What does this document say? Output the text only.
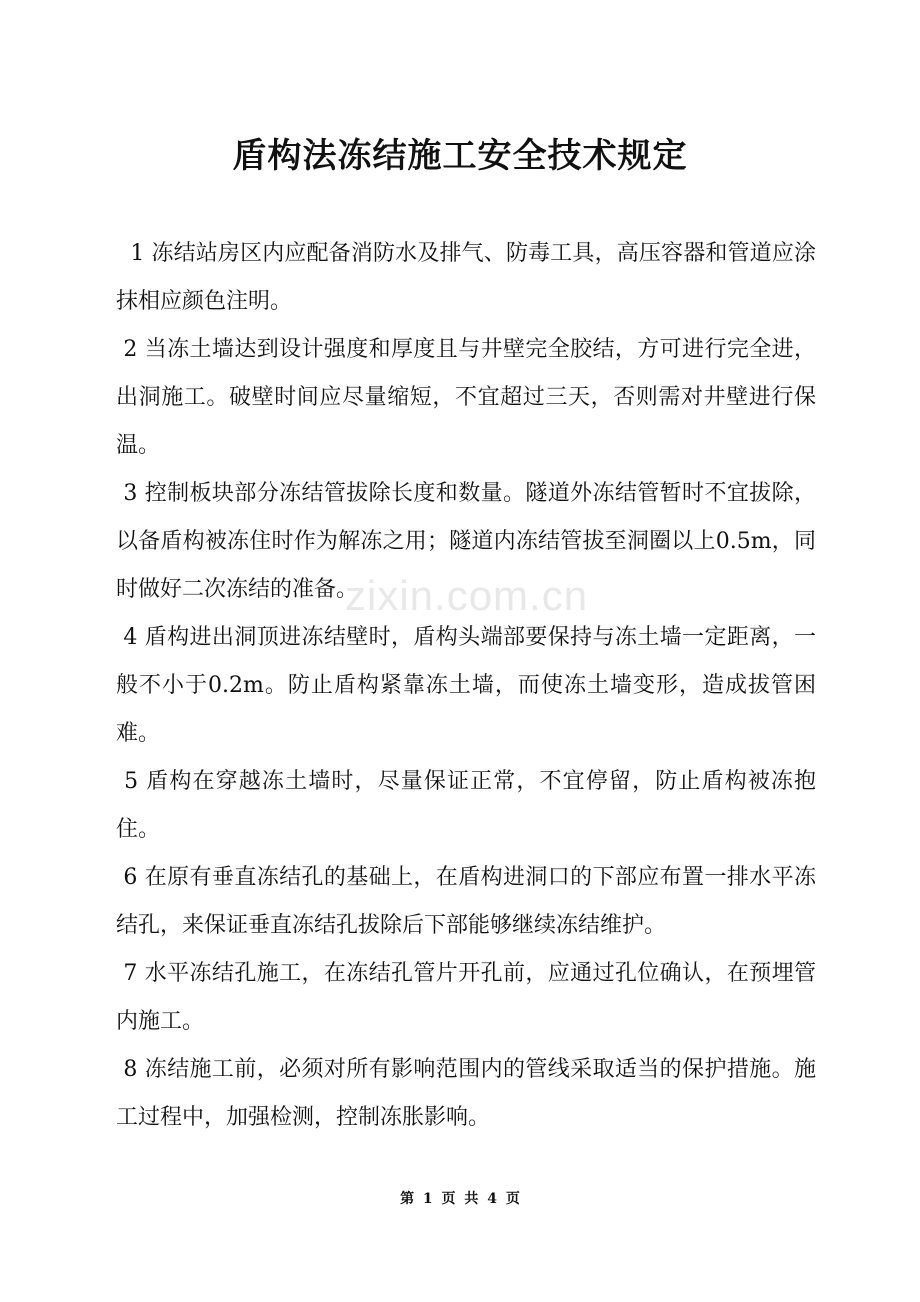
盾构法冻结施工安全技术规定
zixin.com.cn

1 冻结站房区内应配备消防水及排气、防毒工具，高压容器和管道应涂抹相应颜色注明。

2 当冻土墙达到设计强度和厚度且与井壁完全胶结，方可进行完全进，出洞施工。破壁时间应尽量缩短，不宜超过三天，否则需对井壁进行保温。

3 控制板块部分冻结管拔除长度和数量。隧道外冻结管暂时不宜拔除，以备盾构被冻住时作为解冻之用；隧道内冻结管拔至洞圈以上0.5m，同时做好二次冻结的准备。

4 盾构进出洞顶进冻结壁时，盾构头端部要保持与冻土墙一定距离，一般不小于0.2m。防止盾构紧靠冻土墙，而使冻土墙变形，造成拔管困难。

5 盾构在穿越冻土墙时，尽量保证正常，不宜停留，防止盾构被冻抱住。

6 在原有垂直冻结孔的基础上，在盾构进洞口的下部应布置一排水平冻结孔，来保证垂直冻结孔拔除后下部能够继续冻结维护。

7 水平冻结孔施工，在冻结孔管片开孔前，应通过孔位确认，在预埋管内施工。

8 冻结施工前，必须对所有影响范围内的管线采取适当的保护措施。施工过程中，加强检测，控制冻胀影响。

第 1 页 共 4 页
